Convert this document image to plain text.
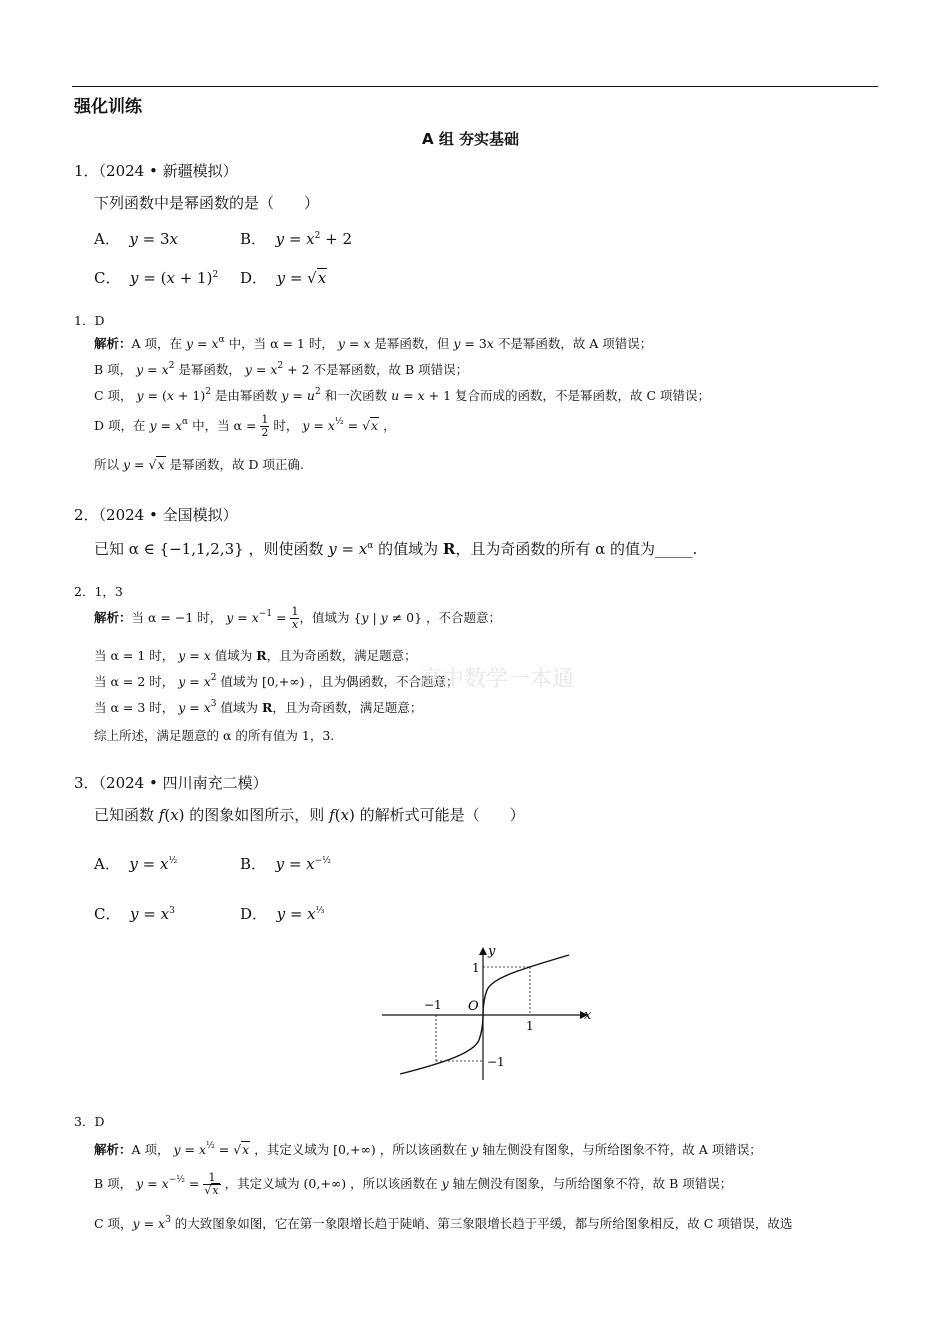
强化训练
A 组 夯实基础
1．（2024 • 新疆模拟）
下列函数中是幂函数的是（　　）
A．  y = 3x	B．  $y = x^2 + 2$
C．  $y = (x + 1)^2$ D．  y = √x
1．D
解析：A 项，在 $y = x^\alpha$ 中，当 α = 1 时， y = x 是幂函数，但 y = 3x 不是幂函数，故 A 项错误；
B 项， $y = x^2$ 是幂函数， $y = x^2 + 2$ 不是幂函数，故 B 项错误；
C 项， $y = (x + 1)^2$ 是由幂函数 $y = u^2$ 和一次函数 u = x + 1 复合而成的函数，不是幂函数，故 C 项错误；
D 项，在 $y = x^\alpha$ 中，当 $\alpha = \frac{1}{2}$ 时， $y = x^{\frac{1}{2}} = √x$ ，
所以 y = √x 是幂函数，故 D 项正确.
2．（2024 • 全国模拟）
已知 α ∈ {−1,1,2,3} ，则使函数 $y = x^\alpha$ 的值域为 R，且为奇函数的所有 α 的值为_____.
2．1，3
解析：当 α = −1 时， $y = x^{-1} = \frac{1}{x}$ ，值域为 {y | y ≠ 0} ，不合题意；
当 α = 1 时， y = x 值域为 R，且为奇函数，满足题意；
当 α = 2 时， $y = x^2$ 值域为 [0,+∞) ，且为偶函数，不合题意；
当 α = 3 时， $y = x^3$ 值域为 R，且为奇函数，满足题意；
综上所述，满足题意的 α 的所有值为 1，3.
高中数学一本通
3．（2024 • 四川南充二模）
已知函数 f(x) 的图象如图所示，则 f(x) 的解析式可能是（　　）
A．  $y = x^{\frac{1}{2}}$	B．  $y = x^{-\frac{1}{2}}$
C．  $y = x^3$	D．  $y = x^{\frac{1}{3}}$
y
x
O
1
1
−1
−1
3．D
解析：A 项， $y = x^{\frac{1}{2}} = √x$ ，其定义域为 [0,+∞) ，所以该函数在 y 轴左侧没有图象，与所给图象不符，故 A 项错误；
B 项， $y = x^{-\frac{1}{2}} = \frac{1}{√x}$ ，其定义域为 (0,+∞) ，所以该函数在 y 轴左侧没有图象，与所给图象不符，故 B 项错误；
C 项，$y = x^3$ 的大致图象如图，它在第一象限增长趋于陡峭、第三象限增长趋于平缓，都与所给图象相反，故 C 项错误，故选
